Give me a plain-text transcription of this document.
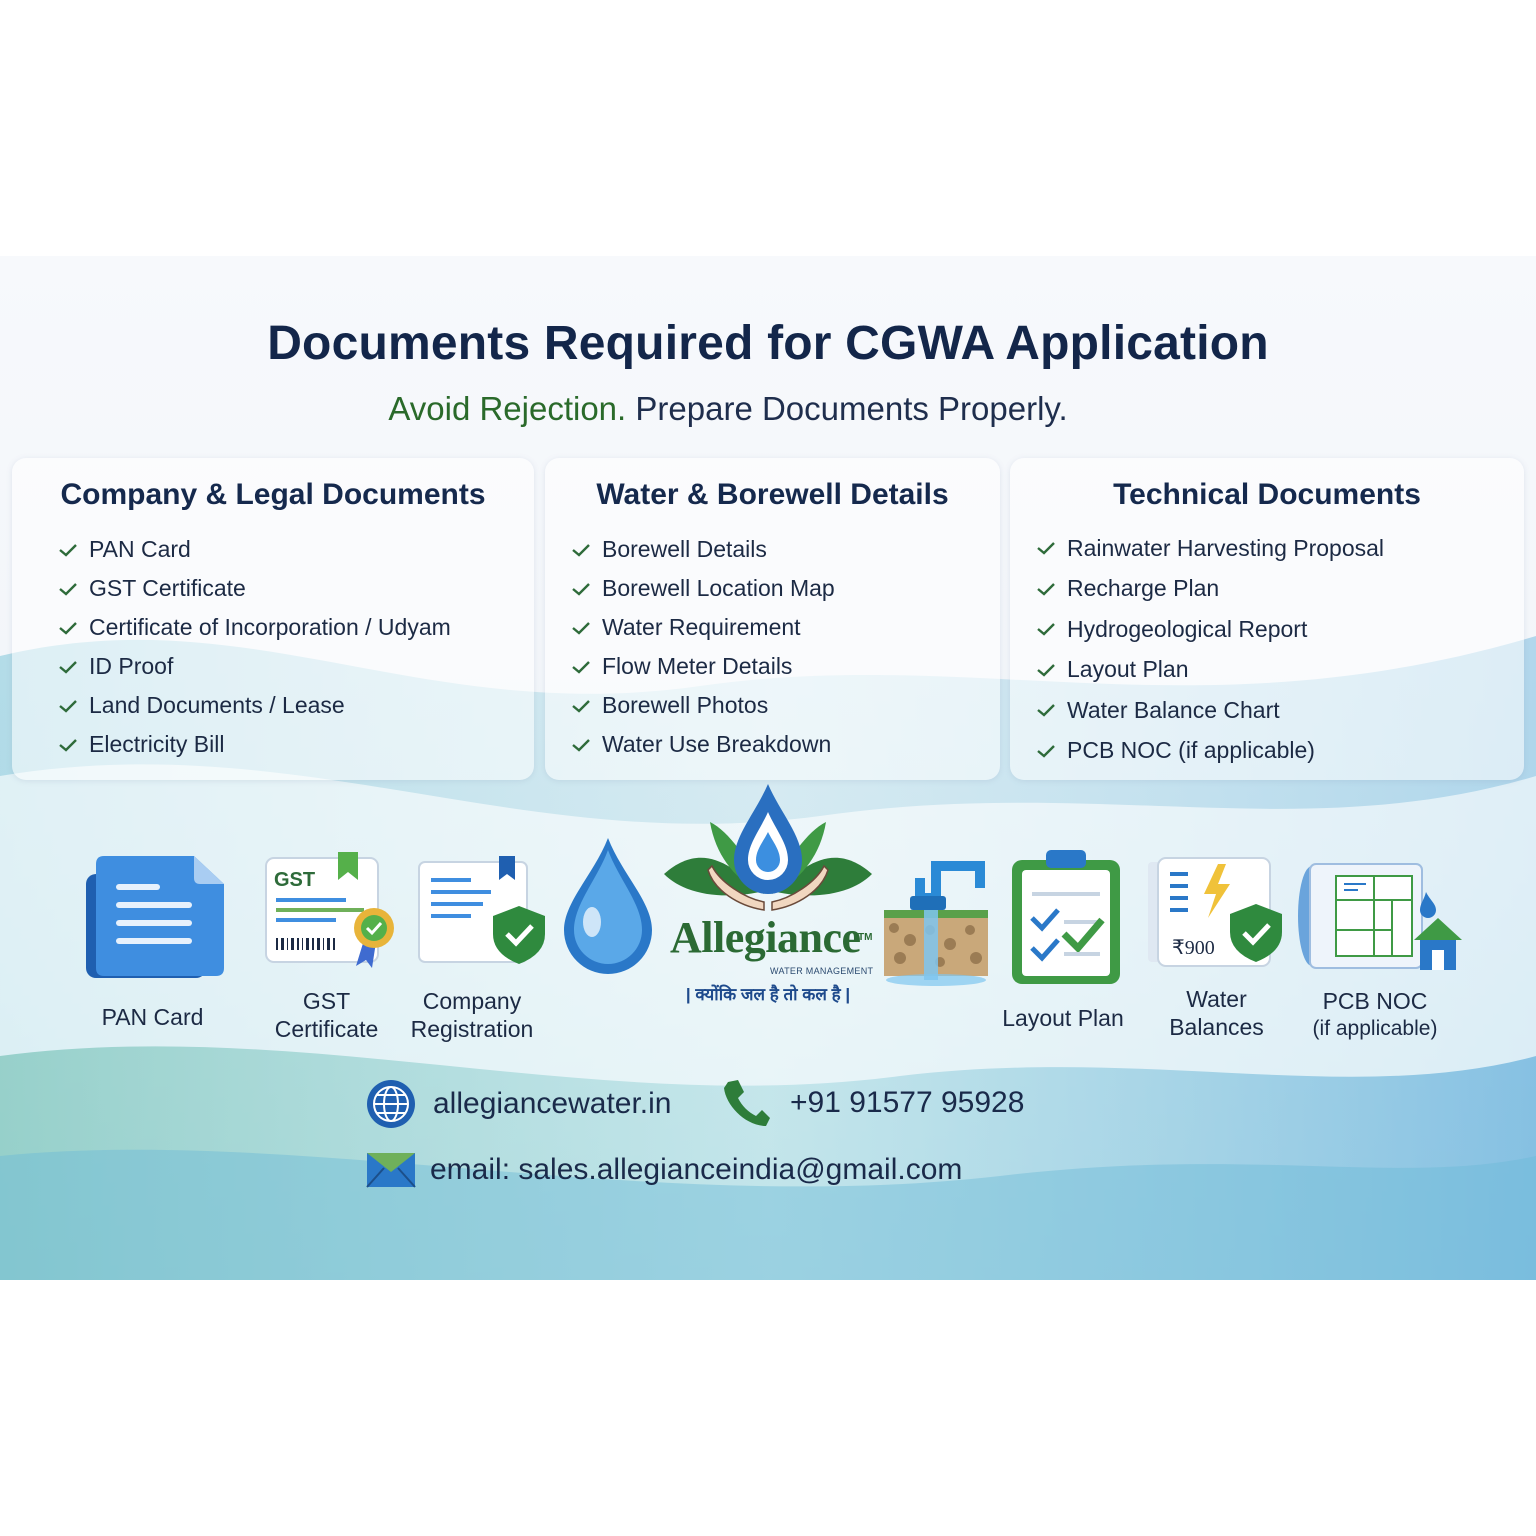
Documents Required for CGWA Application
Avoid Rejection. Prepare Documents Properly.
Company & Legal Documents
PAN Card
GST Certificate
Certificate of Incorporation / Udyam
ID Proof
Land Documents / Lease
Electricity Bill
Water & Borewell Details
Borewell Details
Borewell Location Map
Water Requirement
Flow Meter Details
Borewell Photos
Water Use Breakdown
Technical Documents
Rainwater Harvesting Proposal
Recharge Plan
Hydrogeological Report
Layout Plan
Water Balance Chart
PCB NOC (if applicable)
PAN Card
GST
GST
Certificate
Company
Registration
Allegiance
TM
WATER MANAGEMENT
| क्योंकि जल है तो कल है |
Layout Plan
₹900
Water
Balances
PCB NOC
(if applicable)
allegiancewater.in	+91 91577 95928
email: sales.allegianceindia@gmail.com
